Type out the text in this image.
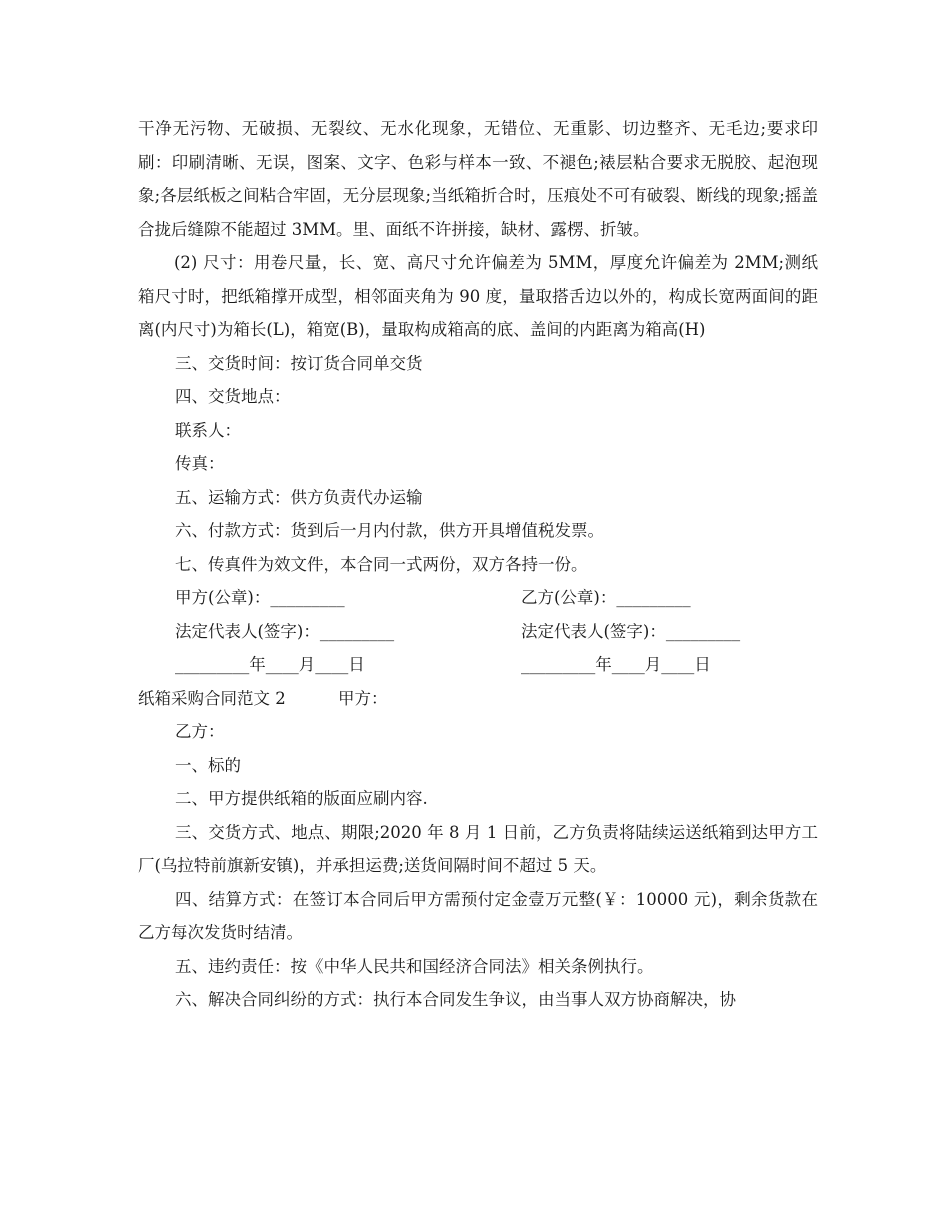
干净无污物、无破损、无裂纹、无水化现象，无错位、无重影、切边整齐、无毛边;要求印刷：印刷清晰、无误，图案、文字、色彩与样本一致、不褪色;裱层粘合要求无脱胶、起泡现象;各层纸板之间粘合牢固，无分层现象;当纸箱折合时，压痕处不可有破裂、断线的现象;摇盖合拢后缝隙不能超过 3MM。里、面纸不许拼接，缺材、露楞、折皱。

(2) 尺寸：用卷尺量，长、宽、高尺寸允许偏差为 5MM，厚度允许偏差为 2MM;测纸箱尺寸时，把纸箱撑开成型，相邻面夹角为 90 度，量取搭舌边以外的，构成长宽两面间的距离(内尺寸)为箱长(L)，箱宽(B)，量取构成箱高的底、盖间的内距离为箱高(H)

三、交货时间：按订货合同单交货
四、交货地点：
联系人：
传真：
五、运输方式：供方负责代办运输
六、付款方式：货到后一月内付款，供方开具增值税发票。
七、传真件为效文件，本合同一式两份，双方各持一份。
甲方(公章)：_________	乙方(公章)：_________
法定代表人(签字)：_________	法定代表人(签字)：_________
_________年____月____日	_________年____月____日
纸箱采购合同范文 2	甲方：
乙方：
一、标的
二、甲方提供纸箱的版面应刷内容.

三、交货方式、地点、期限;2020 年 8 月 1 日前，乙方负责将陆续运送纸箱到达甲方工厂(乌拉特前旗新安镇)，并承担运费;送货间隔时间不超过 5 天。

四、结算方式：在签订本合同后甲方需预付定金壹万元整(￥：10000 元)，剩余货款在乙方每次发货时结清。

五、违约责任：按《中华人民共和国经济合同法》相关条例执行。
六、解决合同纠纷的方式：执行本合同发生争议，由当事人双方协商解决，协
